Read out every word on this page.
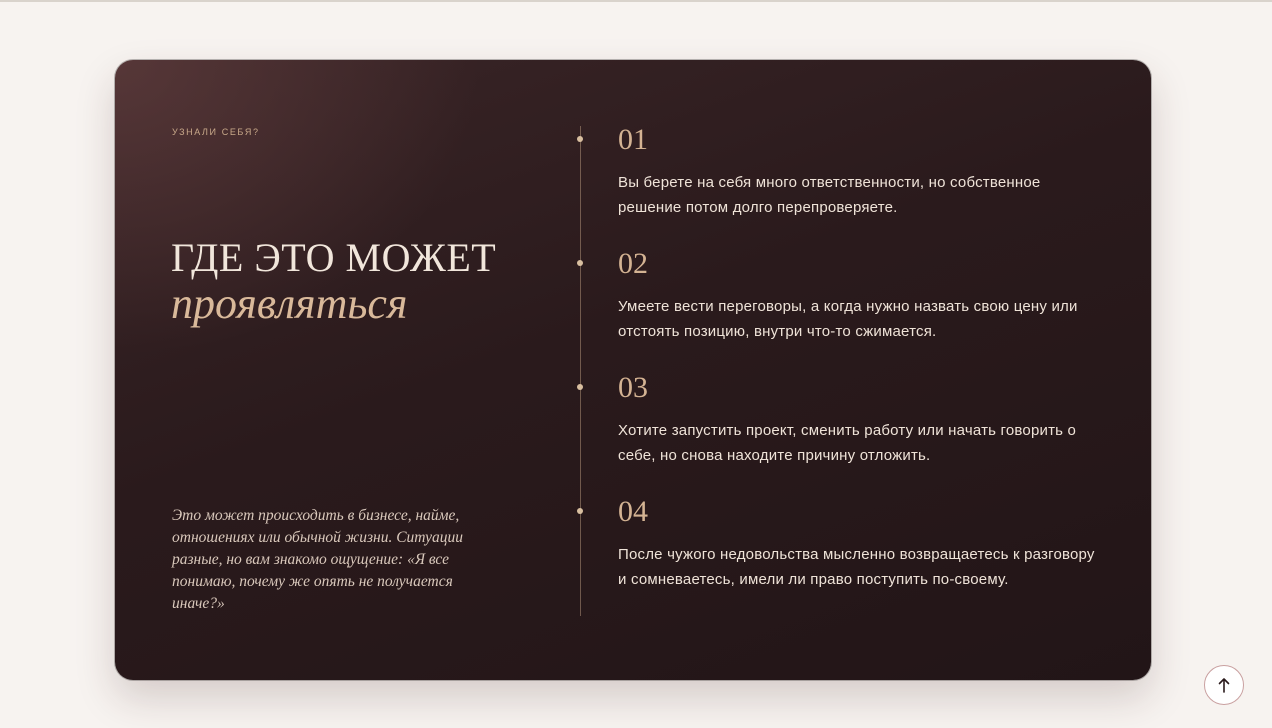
УЗНАЛИ СЕБЯ?
ГДЕ ЭТО МОЖЕТ
проявляться

Это может происходить в бизнесе, найме, отношениях или обычной жизни. Ситуации разные, но вам знакомо ощущение: «Я все понимаю, почему же опять не получается иначе?»

01

Вы берете на себя много ответственности, но собственное решение потом долго перепроверяете.

02

Умеете вести переговоры, а когда нужно назвать свою цену или отстоять позицию, внутри что-то сжимается.

03

Хотите запустить проект, сменить работу или начать говорить о себе, но снова находите причину отложить.

04

После чужого недовольства мысленно возвращаетесь к разговору и сомневаетесь, имели ли право поступить по-своему.
